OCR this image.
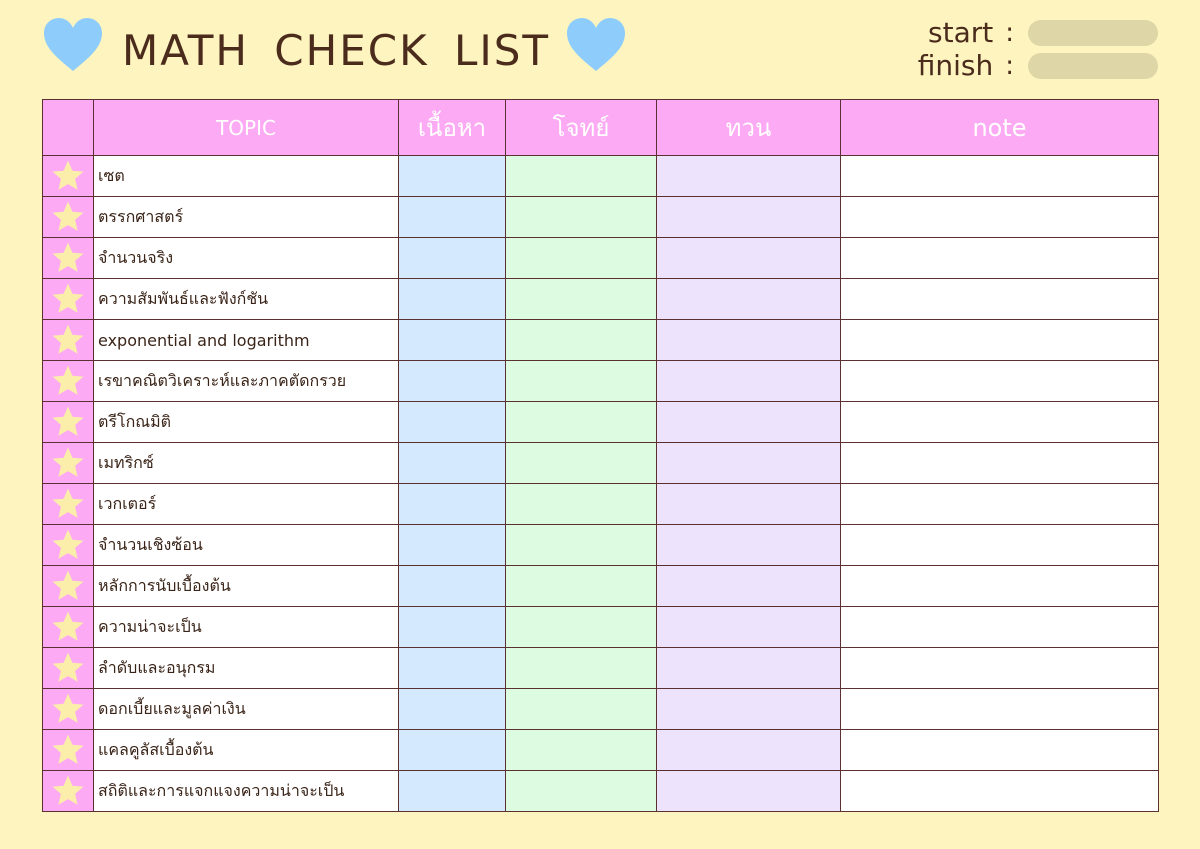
MATH CHECK LIST	start :
finish :
	TOPIC	เนื้อหา	โจทย์	ทวน	note

	เซต				

	ตรรกศาสตร์				

	จำนวนจริง				

	ความสัมพันธ์และฟังก์ชัน				

	exponential and logarithm				

	เรขาคณิตวิเคราะห์และภาคตัดกรวย				

	ตรีโกณมิติ				

	เมทริกซ์				

	เวกเตอร์				

	จำนวนเชิงซ้อน				

	หลักการนับเบื้องต้น				

	ความน่าจะเป็น				

	ลำดับและอนุกรม				

	ดอกเบี้ยและมูลค่าเงิน				

	แคลคูลัสเบื้องต้น				

	สถิติและการแจกแจงความน่าจะเป็น				
